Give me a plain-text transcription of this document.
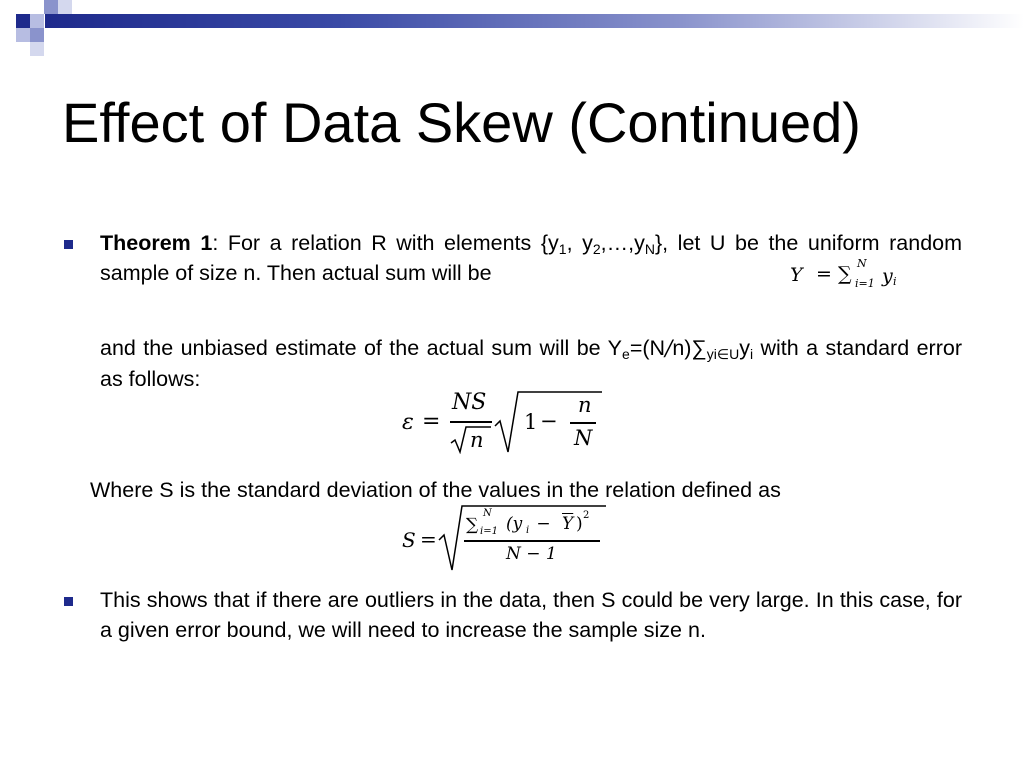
Effect of Data Skew (Continued)
Theorem 1: For a relation R with elements {$y_1$, $y_2,\dots,y_N$}, let U be the uniform random sample of size n. Then actual sum will be	Y = ∑ N
i=1 y i
and the unbiased estimate of the actual sum will be $Y_e=(N/n)\sum_{yi\in U}y_i$ with a standard error as follows:
ε =
NS
n
1 −
n
N
Where S is the standard deviation of the values in the relation defined as
S =
∑
N
i=1 (y $i - \overline{Y}$ ) 2
N − 1
This shows that if there are outliers in the data, then S could be very large. In this case, for a given error bound, we will need to increase the sample size n.
